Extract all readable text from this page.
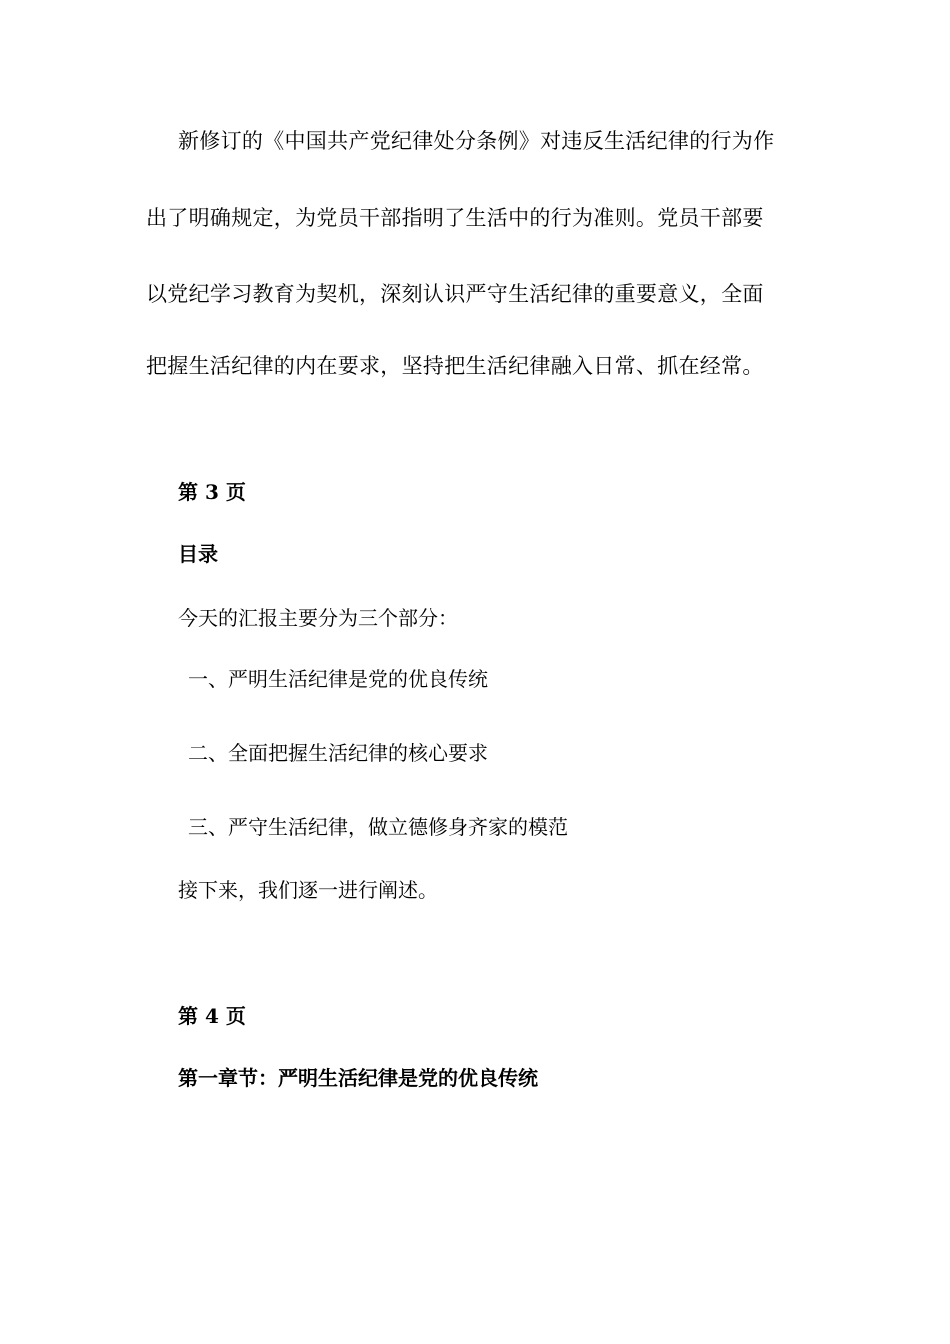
新修订的《中国共产党纪律处分条例》对违反生活纪律的行为作
出了明确规定，为党员干部指明了生活中的行为准则。党员干部要
以党纪学习教育为契机，深刻认识严守生活纪律的重要意义，全面
把握生活纪律的内在要求，坚持把生活纪律融入日常、抓在经常。
第 3 页
目录
今天的汇报主要分为三个部分：
一、严明生活纪律是党的优良传统
二、全面把握生活纪律的核心要求
三、严守生活纪律，做立德修身齐家的模范
接下来，我们逐一进行阐述。
第 4 页
第一章节：严明生活纪律是党的优良传统
